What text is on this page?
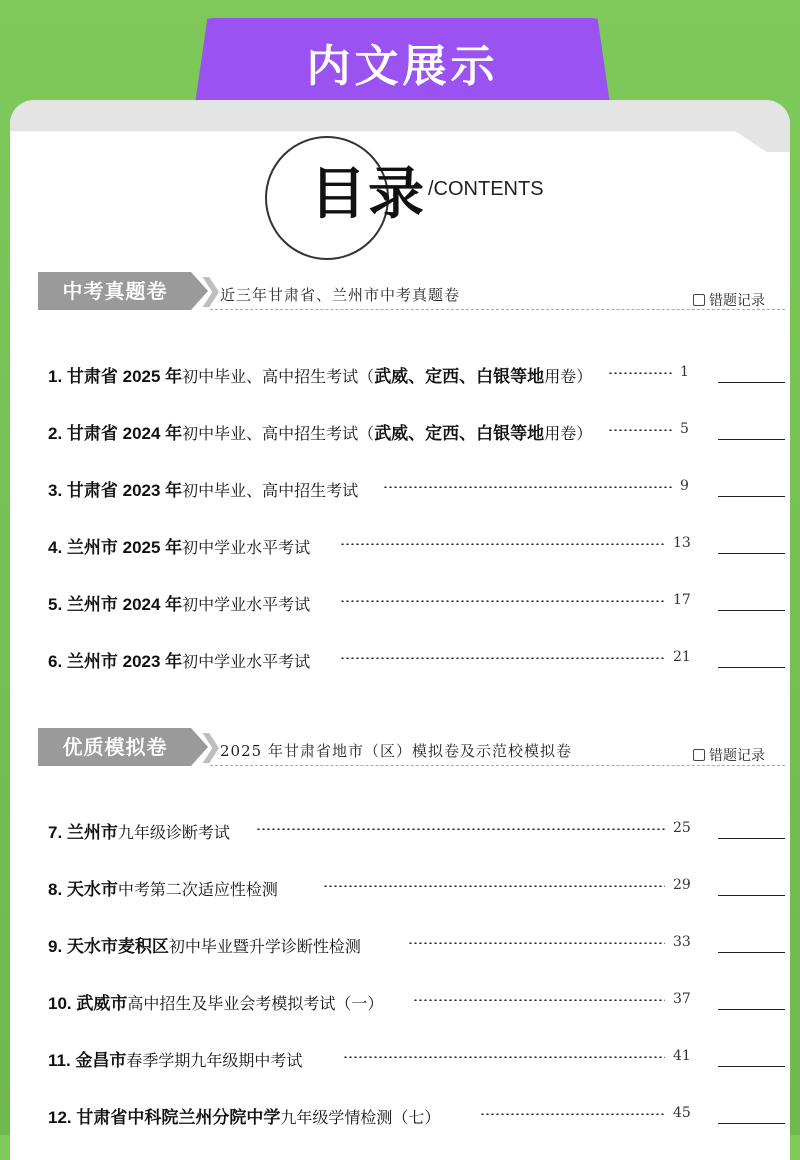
内文展示
目录 /CONTENTS
中考真题卷	❯
近三年甘肃省、兰州市中考真题卷	错题记录
1. 甘肃省 2025 年初中毕业、高中招生考试（武威、定西、白银等地用卷）	1
2. 甘肃省 2024 年初中毕业、高中招生考试（武威、定西、白银等地用卷）	5
3. 甘肃省 2023 年初中毕业、高中招生考试	9
4. 兰州市 2025 年初中学业水平考试	13
5. 兰州市 2024 年初中学业水平考试	17
6. 兰州市 2023 年初中学业水平考试	21
优质模拟卷	❯
2025 年甘肃省地市（区）模拟卷及示范校模拟卷	错题记录
7. 兰州市九年级诊断考试	25
8. 天水市中考第二次适应性检测	29
9. 天水市麦积区初中毕业暨升学诊断性检测	33
10. 武威市高中招生及毕业会考模拟考试（一）	37
11. 金昌市春季学期九年级期中考试	41
12. 甘肃省中科院兰州分院中学九年级学情检测（七）	45
